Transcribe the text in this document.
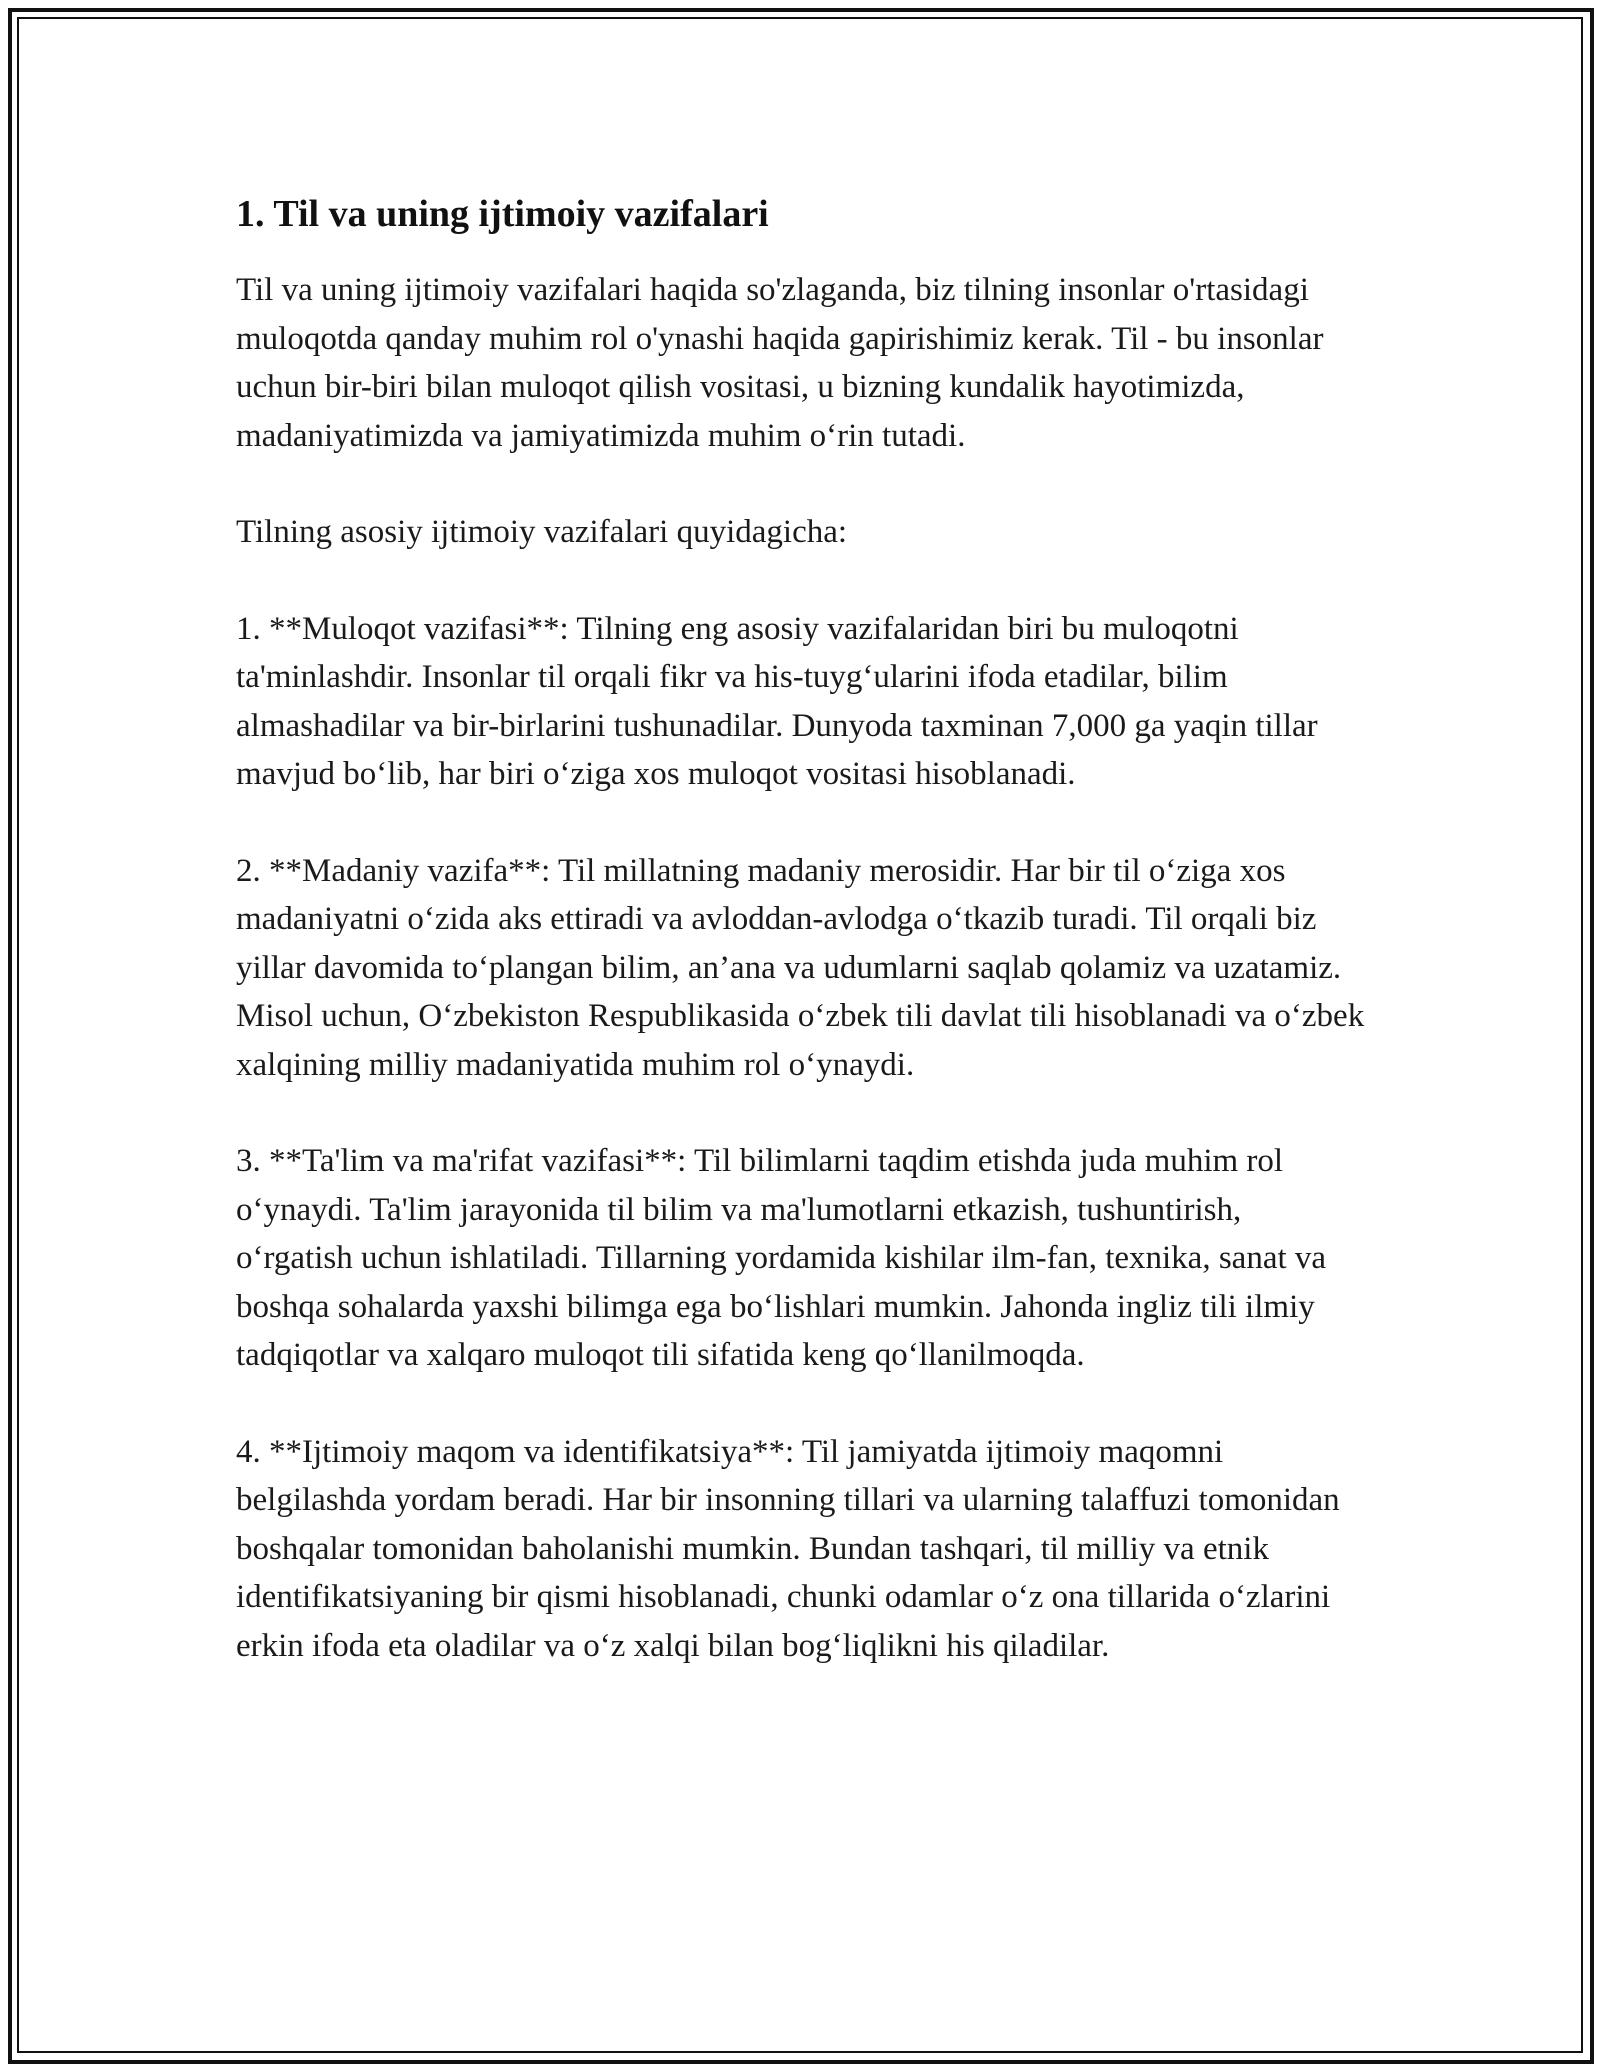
1. Til va uning ijtimoiy vazifalari

Til va uning ijtimoiy vazifalari haqida so'zlaganda, biz tilning insonlar o'rtasidagi muloqotda qanday muhim rol o'ynashi haqida gapirishimiz kerak. Til - bu insonlar uchun bir-biri bilan muloqot qilish vositasi, u bizning kundalik hayotimizda, madaniyatimizda va jamiyatimizda muhim o‘rin tutadi.

Tilning asosiy ijtimoiy vazifalari quyidagicha:

1. **Muloqot vazifasi**: Tilning eng asosiy vazifalaridan biri bu muloqotni ta'minlashdir. Insonlar til orqali fikr va his-tuyg‘ularini ifoda etadilar, bilim almashadilar va bir-birlarini tushunadilar. Dunyoda taxminan 7,000 ga yaqin tillar mavjud bo‘lib, har biri o‘ziga xos muloqot vositasi hisoblanadi.

2. **Madaniy vazifa**: Til millatning madaniy merosidir. Har bir til o‘ziga xos madaniyatni o‘zida aks ettiradi va avloddan-avlodga o‘tkazib turadi. Til orqali biz yillar davomida to‘plangan bilim, an’ana va udumlarni saqlab qolamiz va uzatamiz. Misol uchun, O‘zbekiston Respublikasida o‘zbek tili davlat tili hisoblanadi va o‘zbek xalqining milliy madaniyatida muhim rol o‘ynaydi.

3. **Ta'lim va ma'rifat vazifasi**: Til bilimlarni taqdim etishda juda muhim rol o‘ynaydi. Ta'lim jarayonida til bilim va ma'lumotlarni etkazish, tushuntirish, o‘rgatish uchun ishlatiladi. Tillarning yordamida kishilar ilm-fan, texnika, sanat va boshqa sohalarda yaxshi bilimga ega bo‘lishlari mumkin. Jahonda ingliz tili ilmiy tadqiqotlar va xalqaro muloqot tili sifatida keng qo‘llanilmoqda.

4. **Ijtimoiy maqom va identifikatsiya**: Til jamiyatda ijtimoiy maqomni belgilashda yordam beradi. Har bir insonning tillari va ularning talaffuzi tomonidan boshqalar tomonidan baholanishi mumkin. Bundan tashqari, til milliy va etnik identifikatsiyaning bir qismi hisoblanadi, chunki odamlar o‘z ona tillarida o‘zlarini erkin ifoda eta oladilar va o‘z xalqi bilan bog‘liqlikni his qiladilar.
